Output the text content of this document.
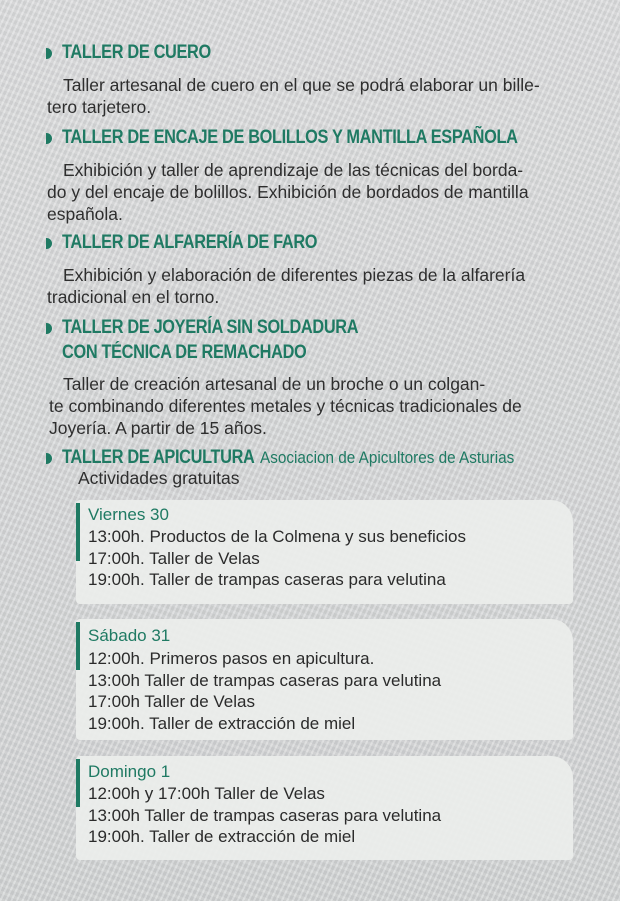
TALLER DE CUERO
Taller artesanal de cuero en el que se podrá elaborar un bille-
tero tarjetero.
TALLER DE ENCAJE DE BOLILLOS Y MANTILLA ESPAÑOLA
Exhibición y taller de aprendizaje de las técnicas del borda-
do y del encaje de bolillos. Exhibición de bordados de mantilla
española.
TALLER DE ALFARERÍA DE FARO
Exhibición y elaboración de diferentes piezas de la alfarería
tradicional en el torno.
TALLER DE JOYERÍA SIN SOLDADURA
CON TÉCNICA DE REMACHADO
Taller de creación artesanal de un broche o un colgan-
te combinando diferentes metales y técnicas tradicionales de
Joyería. A partir de 15 años.
TALLER DE APICULTURA Asociacion de Apicultores de Asturias
Actividades gratuitas
Viernes 30
13:00h. Productos de la Colmena y sus beneficios
17:00h. Taller de Velas
19:00h. Taller de trampas caseras para velutina
Sábado 31
12:00h. Primeros pasos en apicultura.
13:00h Taller de trampas caseras para velutina
17:00h Taller de Velas
19:00h. Taller de extracción de miel
Domingo 1
12:00h y 17:00h Taller de Velas
13:00h Taller de trampas caseras para velutina
19:00h. Taller de extracción de miel
